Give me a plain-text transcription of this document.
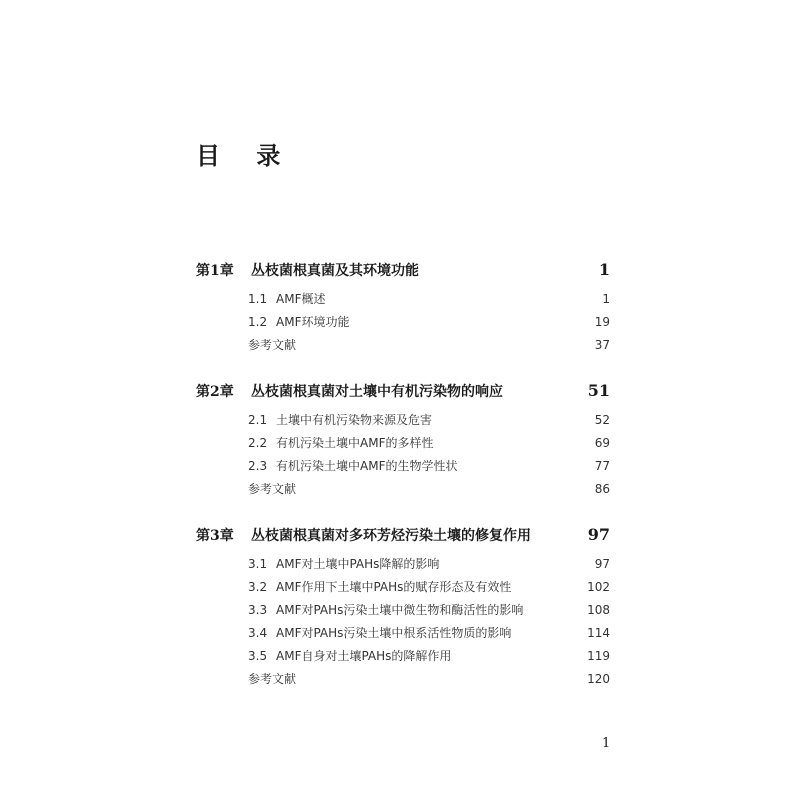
目 录
第1章	丛枝菌根真菌及其环境功能	1
1.1 AMF概述	1
1.2 AMF环境功能	19
参考文献	37
第2章	丛枝菌根真菌对土壤中有机污染物的响应	51
2.1 土壤中有机污染物来源及危害	52
2.2 有机污染土壤中AMF的多样性	69
2.3 有机污染土壤中AMF的生物学性状	77
参考文献	86
第3章	丛枝菌根真菌对多环芳烃污染土壤的修复作用	97
3.1 AMF对土壤中PAHs降解的影响	97
3.2 AMF作用下土壤中PAHs的赋存形态及有效性	102
3.3 AMF对PAHs污染土壤中微生物和酶活性的影响	108
3.4 AMF对PAHs污染土壤中根系活性物质的影响	114
3.5 AMF自身对土壤PAHs的降解作用	119
参考文献	120
1
